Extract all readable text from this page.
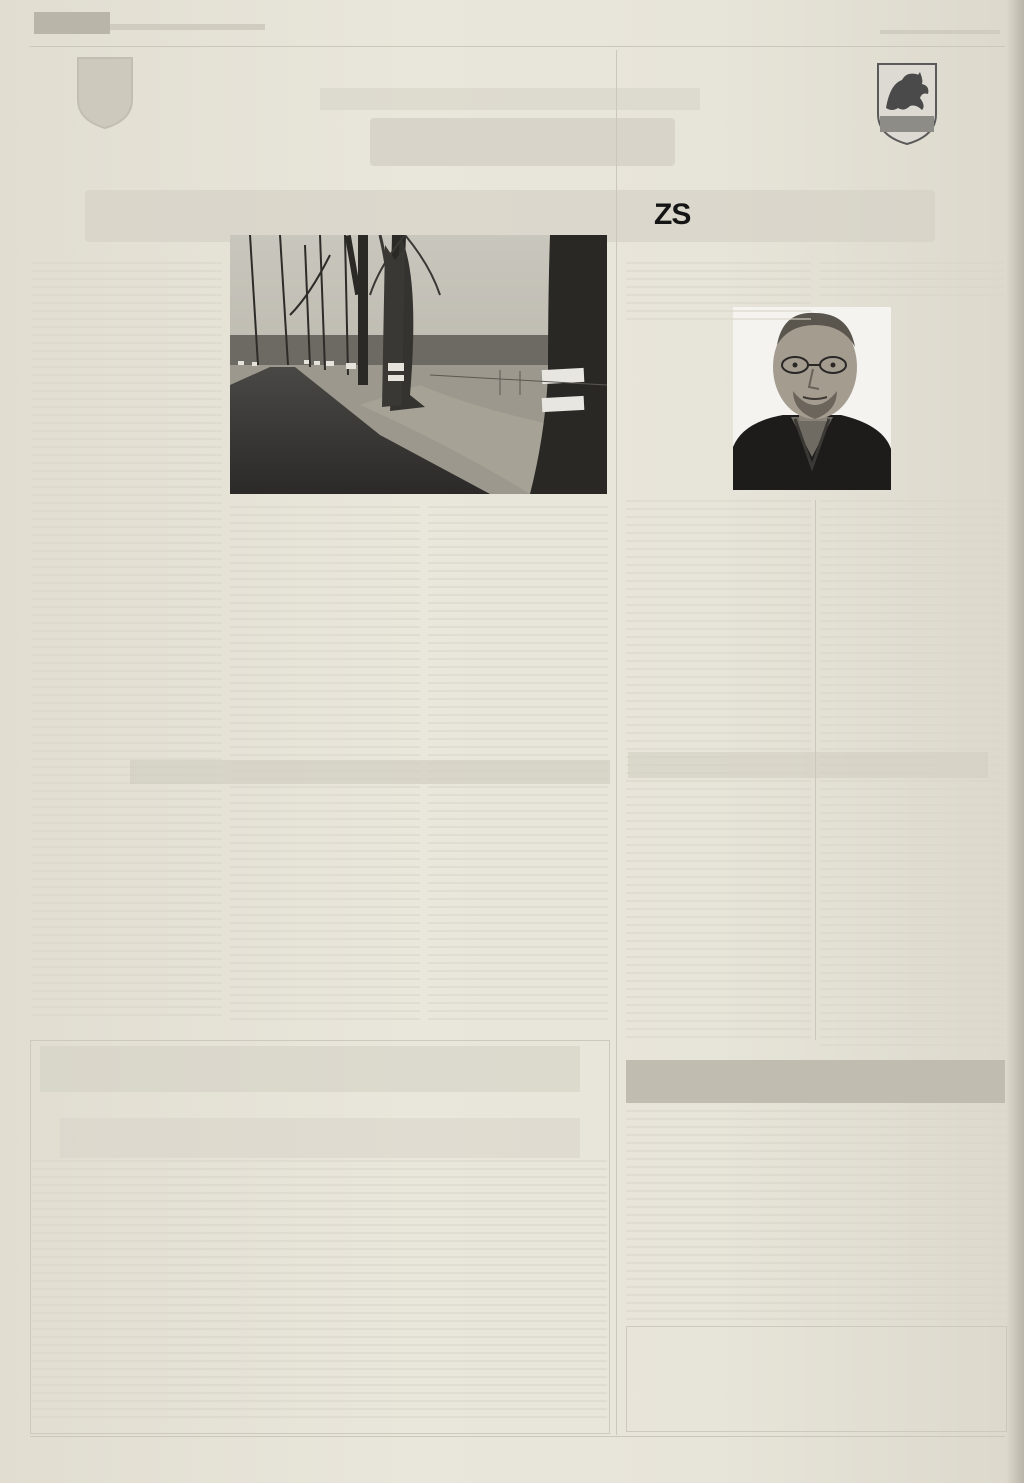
ZS
